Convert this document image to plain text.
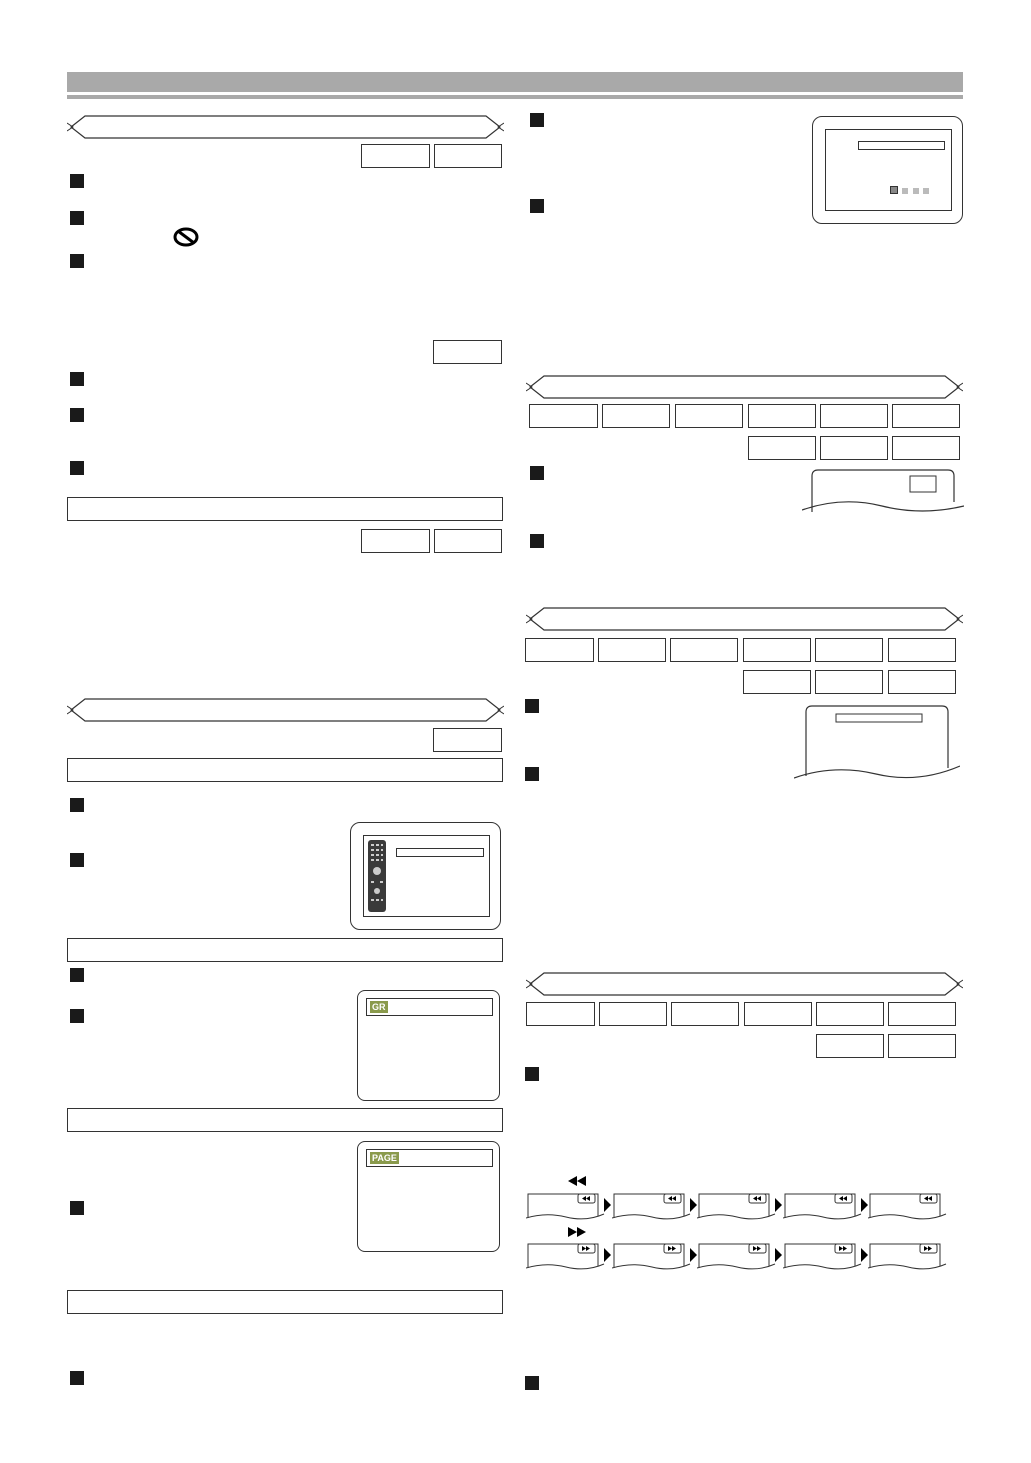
GR
PAGE
